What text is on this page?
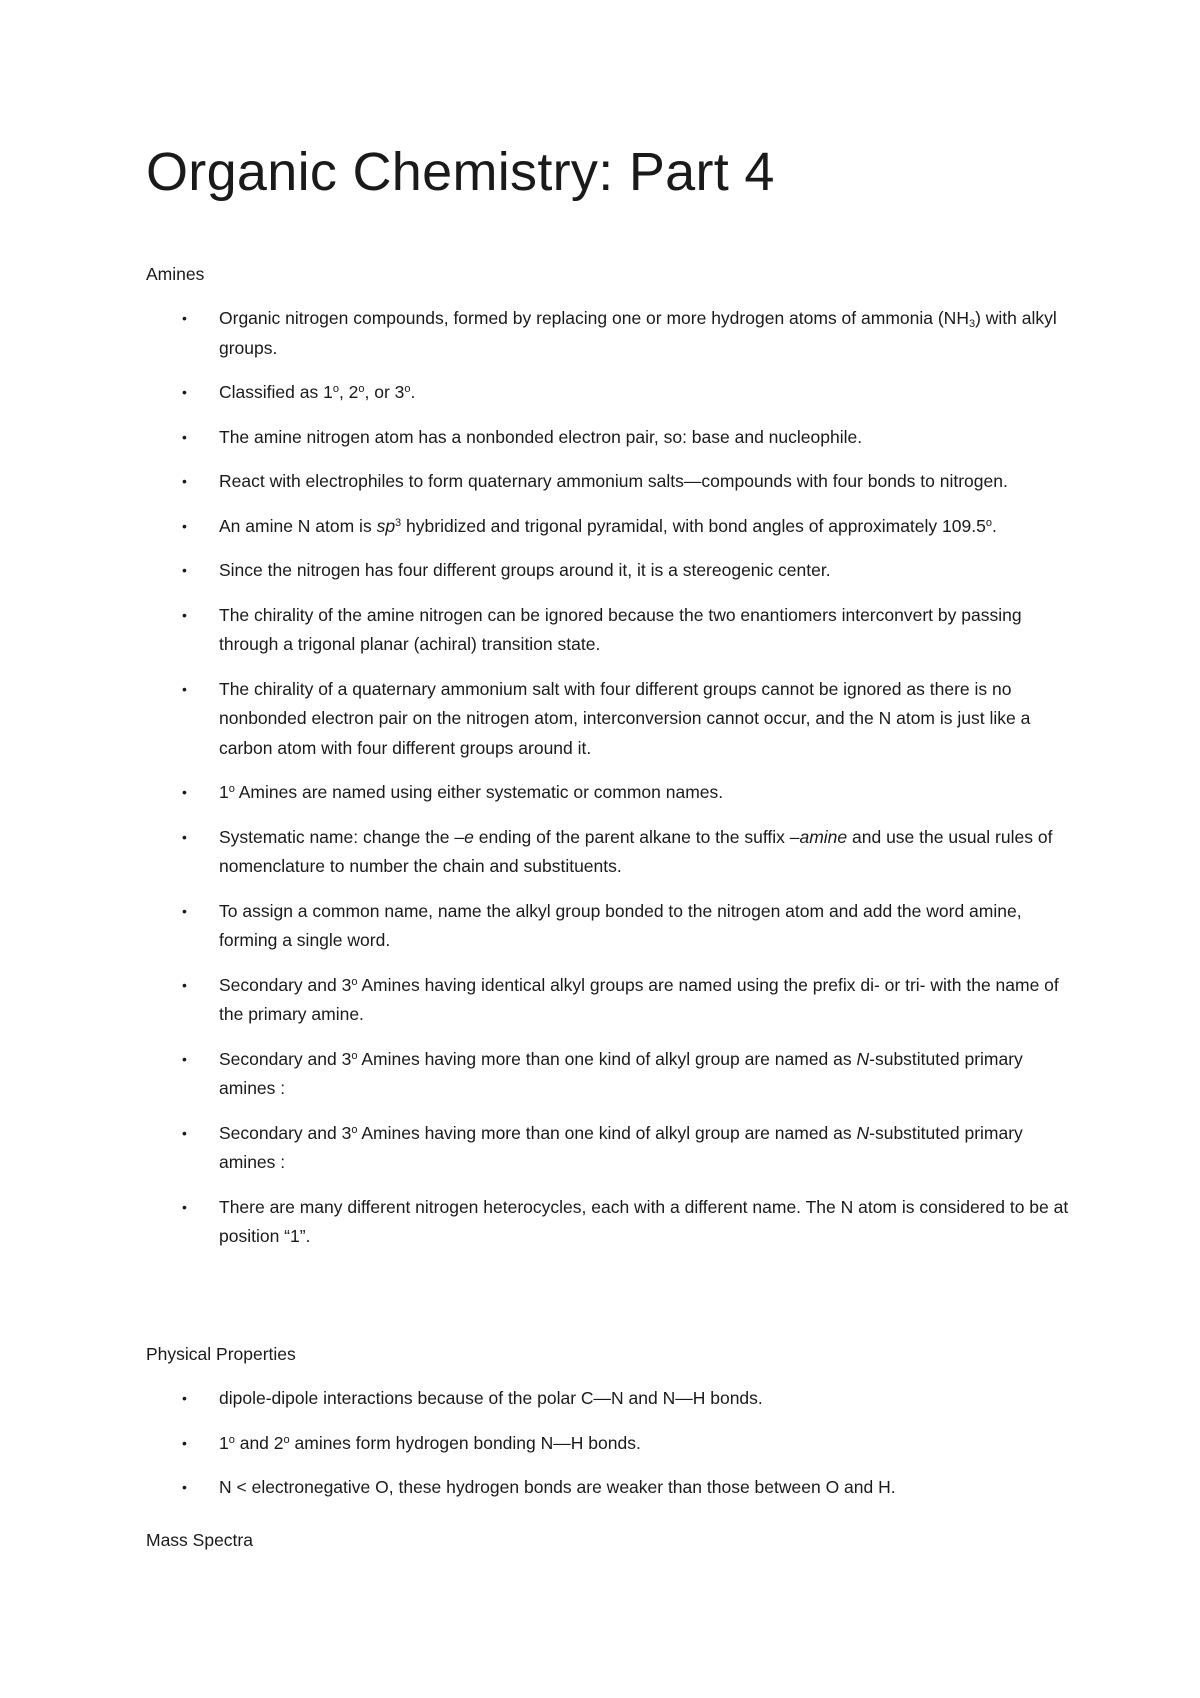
Organic Chemistry: Part 4
Amines
• Organic nitrogen compounds, formed by replacing one or more hydrogen atoms of ammonia $(NH_3)$ with alkyl groups.
• Classified as 1$^o$, 2$^o$, or 3$^o$.
• The amine nitrogen atom has a nonbonded electron pair, so: base and nucleophile.
• React with electrophiles to form quaternary ammonium salts—compounds with four bonds to nitrogen.
• An amine N atom is $sp^3$ hybridized and trigonal pyramidal, with bond angles of approximately 109.5$^o$.
• Since the nitrogen has four different groups around it, it is a stereogenic center.
• The chirality of the amine nitrogen can be ignored because the two enantiomers interconvert by passing through a trigonal planar (achiral) transition state.
• The chirality of a quaternary ammonium salt with four different groups cannot be ignored as there is no nonbonded electron pair on the nitrogen atom, interconversion cannot occur, and the N atom is just like a carbon atom with four different groups around it.
• 1$^o$ Amines are named using either systematic or common names.
• Systematic name: change the –e ending of the parent alkane to the suffix –amine and use the usual rules of nomenclature to number the chain and substituents.
• To assign a common name, name the alkyl group bonded to the nitrogen atom and add the word amine, forming a single word.
• Secondary and 3$^o$ Amines having identical alkyl groups are named using the prefix di- or tri- with the name of the primary amine.
• Secondary and 3$^o$ Amines having more than one kind of alkyl group are named as N-substituted primary amines :
• Secondary and 3$^o$ Amines having more than one kind of alkyl group are named as N-substituted primary amines :
• There are many different nitrogen heterocycles, each with a different name. The N atom is considered to be at position “1”.
Physical Properties
• dipole-dipole interactions because of the polar C—N and N—H bonds.
• 1$^o$ and 2$^o$ amines form hydrogen bonding N—H bonds.
• N < electronegative O, these hydrogen bonds are weaker than those between O and H.
Mass Spectra
